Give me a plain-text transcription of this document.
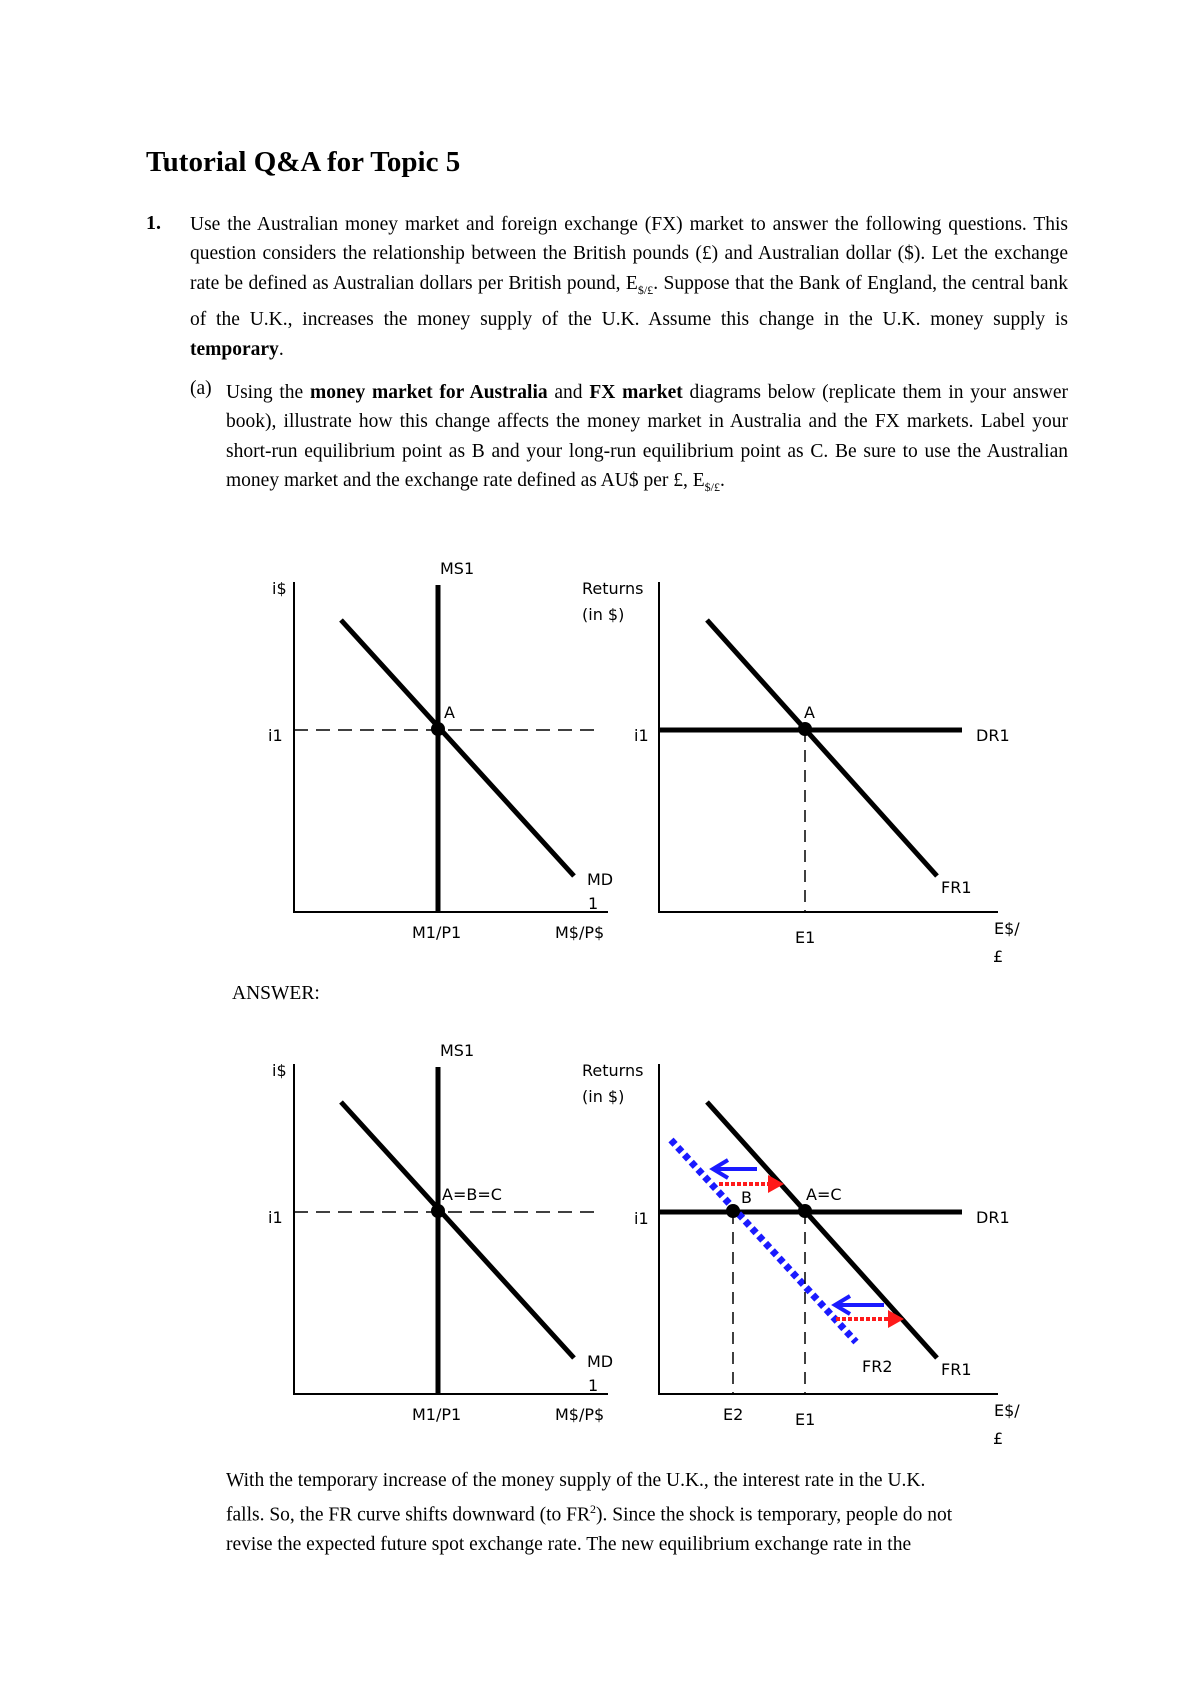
Tutorial Q&A for Topic 5
1. Use the Australian money market and foreign exchange (FX) market to answer the following questions. This question considers the relationship between the British pounds (£) and Australian dollar ($). Let the exchange rate be defined as Australian dollars per British pound, $E_{\$/£}$. Suppose that the Bank of England, the central bank of the U.K., increases the money supply of the U.K. Assume this change in the U.K. money supply is temporary.
(a) Using the money market for Australia and FX market diagrams below (replicate them in your answer book), illustrate how this change affects the money market in Australia and the FX markets. Label your short-run equilibrium point as B and your long-run equilibrium point as C. Be sure to use the Australian money market and the exchange rate defined as AU$ per £, $E_{\$/£}$.
i$
i1
MS1
A
MD
1
M1/P1	M$/P$
Returns
(in $)
i1
A
DR1
FR1
E1	E$/
£
ANSWER:
i$
i1
MS1
A=B=C
MD
1
M1/P1	M$/P$
Returns
(in $)
i1
B	A=C
DR1
FR2	FR1
E2	E1	E$/
£
With the temporary increase of the money supply of the U.K., the interest rate in the U.K.
falls. So, the FR curve shifts downward (to $FR^2$). Since the shock is temporary, people do not
revise the expected future spot exchange rate. The new equilibrium exchange rate in the
